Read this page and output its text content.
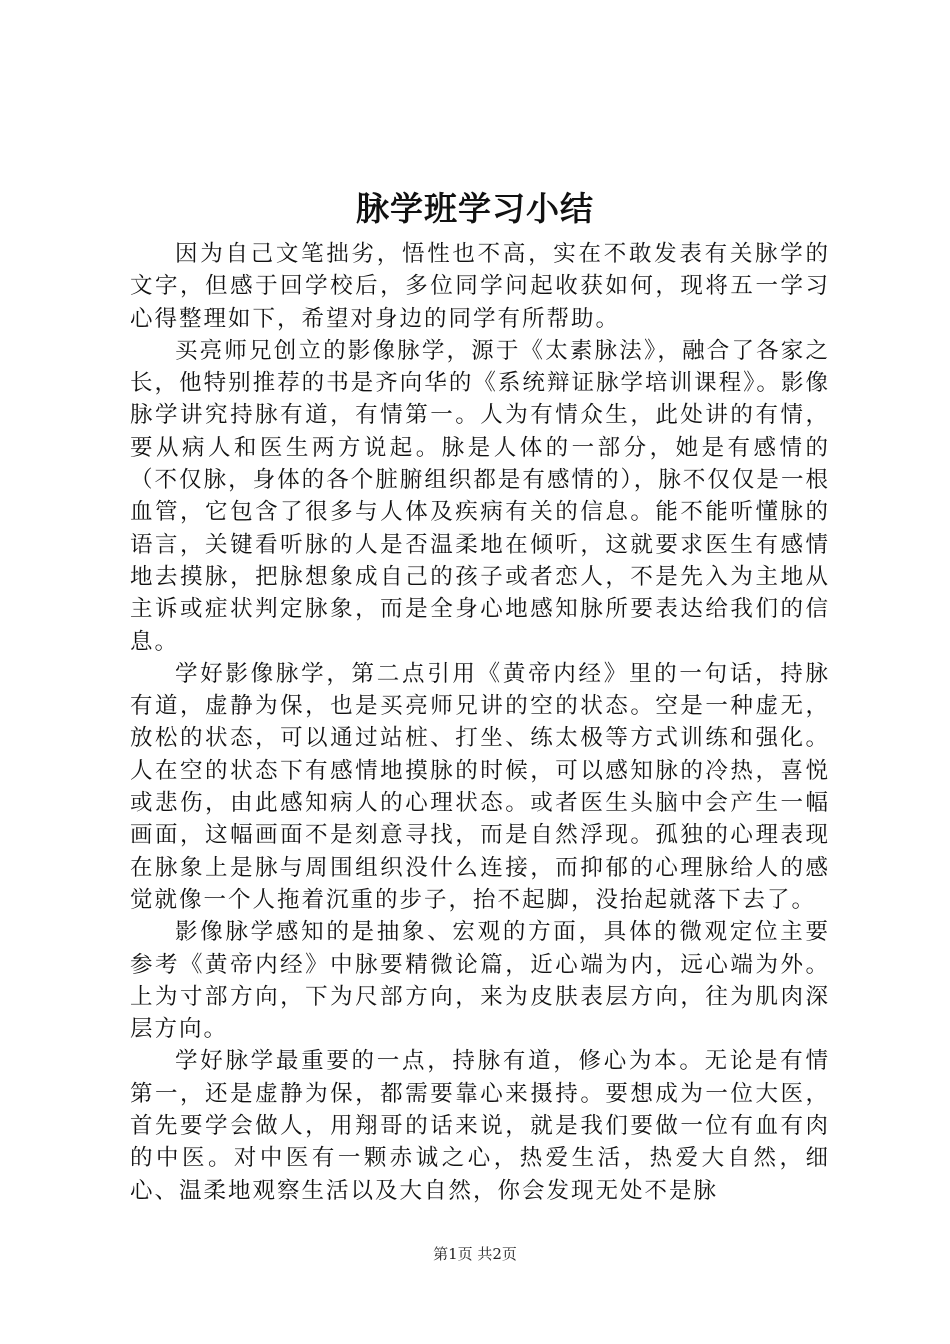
脉学班学习小结

因为自己文笔拙劣，悟性也不高，实在不敢发表有关脉学的文字，但感于回学校后，多位同学问起收获如何，现将五一学习心得整理如下，希望对身边的同学有所帮助。

买亮师兄创立的影像脉学，源于《太素脉法》，融合了各家之长，他特别推荐的书是齐向华的《系统辩证脉学培训课程》。影像脉学讲究持脉有道，有情第一。人为有情众生，此处讲的有情，要从病人和医生两方说起。脉是人体的一部分，她是有感情的（不仅脉，身体的各个脏腑组织都是有感情的），脉不仅仅是一根血管，它包含了很多与人体及疾病有关的信息。能不能听懂脉的语言，关键看听脉的人是否温柔地在倾听，这就要求医生有感情地去摸脉，把脉想象成自己的孩子或者恋人，不是先入为主地从主诉或症状判定脉象，而是全身心地感知脉所要表达给我们的信息。

学好影像脉学，第二点引用《黄帝内经》里的一句话，持脉有道，虚静为保，也是买亮师兄讲的空的状态。空是一种虚无，放松的状态，可以通过站桩、打坐、练太极等方式训练和强化。人在空的状态下有感情地摸脉的时候，可以感知脉的冷热，喜悦或悲伤，由此感知病人的心理状态。或者医生头脑中会产生一幅画面，这幅画面不是刻意寻找，而是自然浮现。孤独的心理表现在脉象上是脉与周围组织没什么连接，而抑郁的心理脉给人的感觉就像一个人拖着沉重的步子，抬不起脚，没抬起就落下去了。

影像脉学感知的是抽象、宏观的方面，具体的微观定位主要参考《黄帝内经》中脉要精微论篇，近心端为内，远心端为外。上为寸部方向，下为尺部方向，来为皮肤表层方向，往为肌肉深层方向。

学好脉学最重要的一点，持脉有道，修心为本。无论是有情第一，还是虚静为保，都需要靠心来摄持。要想成为一位大医，首先要学会做人，用翔哥的话来说，就是我们要做一位有血有肉的中医。对中医有一颗赤诚之心，热爱生活，热爱大自然，细心、温柔地观察生活以及大自然，你会发现无处不是脉

第1页 共2页
